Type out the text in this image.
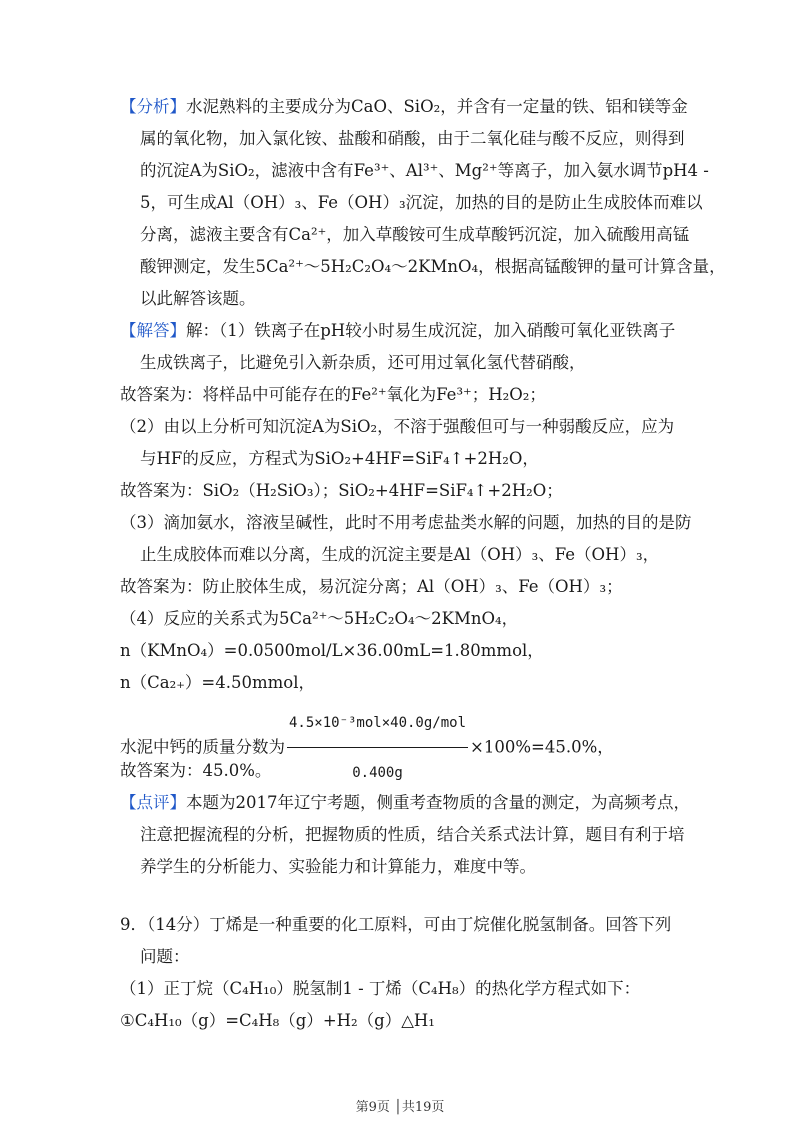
【分析】水泥熟料的主要成分为CaO、SiO₂，并含有一定量的铁、铝和镁等金
属的氧化物，加入氯化铵、盐酸和硝酸，由于二氧化硅与酸不反应，则得到
的沉淀A为SiO₂，滤液中含有Fe³⁺、Al³⁺、Mg²⁺等离子，加入氨水调节pH4 -
5，可生成Al（OH）₃、Fe（OH）₃沉淀，加热的目的是防止生成胶体而难以
分离，滤液主要含有Ca²⁺，加入草酸铵可生成草酸钙沉淀，加入硫酸用高锰
酸钾测定，发生5Ca²⁺～5H₂C₂O₄～2KMnO₄，根据高锰酸钾的量可计算含量，
以此解答该题。
【解答】解：（1）铁离子在pH较小时易生成沉淀，加入硝酸可氧化亚铁离子
生成铁离子，比避免引入新杂质，还可用过氧化氢代替硝酸，
故答案为：将样品中可能存在的Fe²⁺氧化为Fe³⁺；H₂O₂；
（2）由以上分析可知沉淀A为SiO₂，不溶于强酸但可与一种弱酸反应，应为
与HF的反应，方程式为SiO₂+4HF=SiF₄↑+2H₂O，
故答案为：SiO₂（H₂SiO₃）；SiO₂+4HF=SiF₄↑+2H₂O；
（3）滴加氨水，溶液呈碱性，此时不用考虑盐类水解的问题，加热的目的是防
止生成胶体而难以分离，生成的沉淀主要是Al（OH）₃、Fe（OH）₃，
故答案为：防止胶体生成，易沉淀分离；Al（OH）₃、Fe（OH）₃；
（4）反应的关系式为5Ca²⁺～5H₂C₂O₄～2KMnO₄，
n（KMnO₄）=0.0500mol/L×36.00mL=1.80mmol，
n（Ca₂₊）=4.50mmol，
水泥中钙的质量分数为 $\frac{\text{4.5×10⁻³mol×40.0g/mol}}{0.400g} \times 100\%=45.0\%$，
故答案为：45.0%。
【点评】本题为2017年辽宁考题，侧重考查物质的含量的测定，为高频考点，
注意把握流程的分析，把握物质的性质，结合关系式法计算，题目有利于培
养学生的分析能力、实验能力和计算能力，难度中等。
9．（14分）丁烯是一种重要的化工原料，可由丁烷催化脱氢制备。回答下列
问题：
（1）正丁烷（C₄H₁₀）脱氢制1 - 丁烯（C₄H₈）的热化学方程式如下：
①C₄H₁₀（g）=C₄H₈（g）+H₂（g）△H₁
第9页 │共19页
